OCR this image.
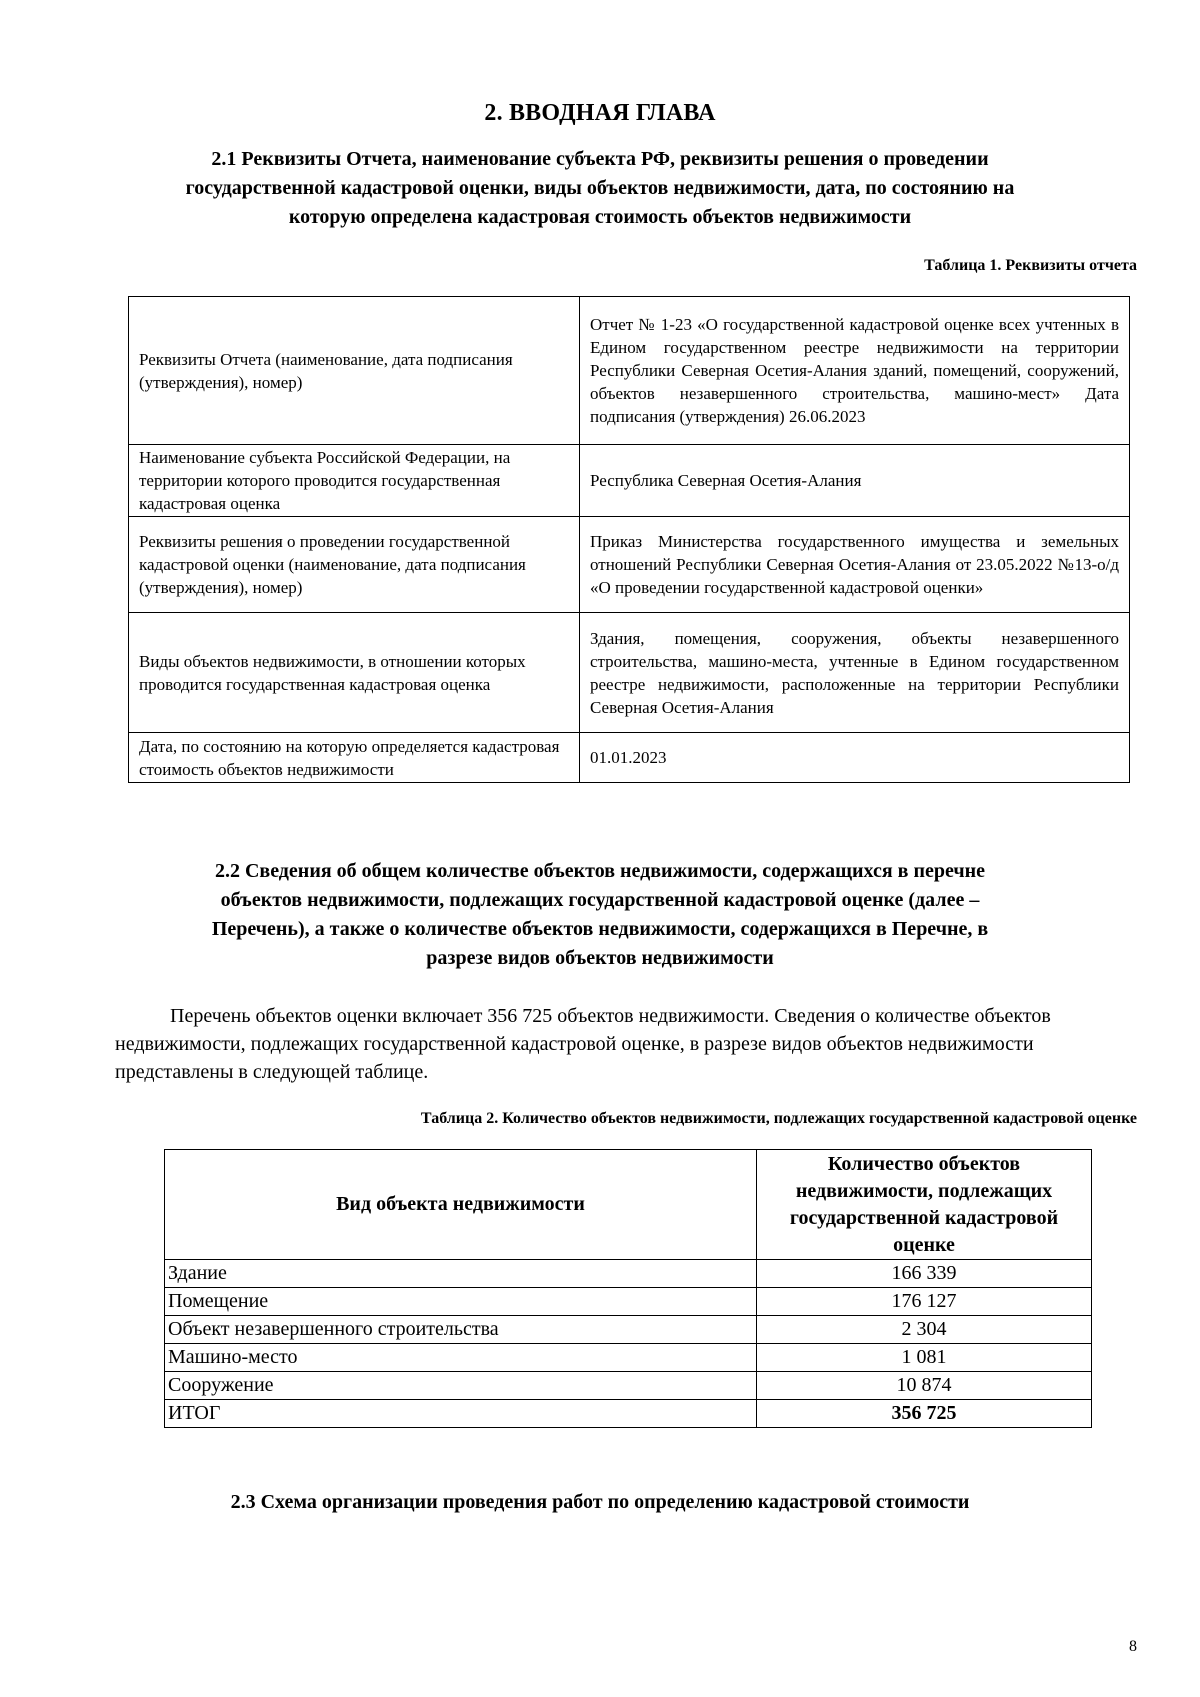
2. ВВОДНАЯ ГЛАВА
2.1 Реквизиты Отчета, наименование субъекта РФ, реквизиты решения о проведении
государственной кадастровой оценки, виды объектов недвижимости, дата, по состоянию на
которую определена кадастровая стоимость объектов недвижимости
Таблица 1. Реквизиты отчета
Реквизиты Отчета (наименование, дата подписания (утверждения), номер)	Отчет № 1-23 «О государственной кадастровой оценке всех учтенных в Едином государственном реестре недвижимости на территории Республики Северная Осетия-Алания зданий, помещений, сооружений, объектов незавершенного строительства, машино-мест» Дата подписания (утверждения) 26.06.2023
Наименование субъекта Российской Федерации, на территории которого проводится государственная кадастровая оценка	Республика Северная Осетия-Алания
Реквизиты решения о проведении государственной кадастровой оценки (наименование, дата подписания (утверждения), номер)	Приказ Министерства государственного имущества и земельных отношений Республики Северная Осетия-Алания от 23.05.2022 №13-о/д «О проведении государственной кадастровой оценки»
Виды объектов недвижимости, в отношении которых проводится государственная кадастровая оценка	Здания, помещения, сооружения, объекты незавершенного строительства, машино-места, учтенные в Едином государственном реестре недвижимости, расположенные на территории Республики Северная Осетия-Алания
Дата, по состоянию на которую определяется кадастровая стоимость объектов недвижимости	01.01.2023
2.2 Сведения об общем количестве объектов недвижимости, содержащихся в перечне
объектов недвижимости, подлежащих государственной кадастровой оценке (далее –
Перечень), а также о количестве объектов недвижимости, содержащихся в Перечне, в
разрезе видов объектов недвижимости
Перечень объектов оценки включает 356 725 объектов недвижимости. Сведения о количестве объектов недвижимости, подлежащих государственной кадастровой оценке, в разрезе видов объектов недвижимости представлены в следующей таблице.
Таблица 2. Количество объектов недвижимости, подлежащих государственной кадастровой оценке
Вид объекта недвижимости	Количество объектов недвижимости, подлежащих государственной кадастровой оценке
Здание	166 339
Помещение	176 127
Объект незавершенного строительства	2 304
Машино-место	1 081
Сооружение	10 874
ИТОГ	356 725
2.3 Схема организации проведения работ по определению кадастровой стоимости
8
